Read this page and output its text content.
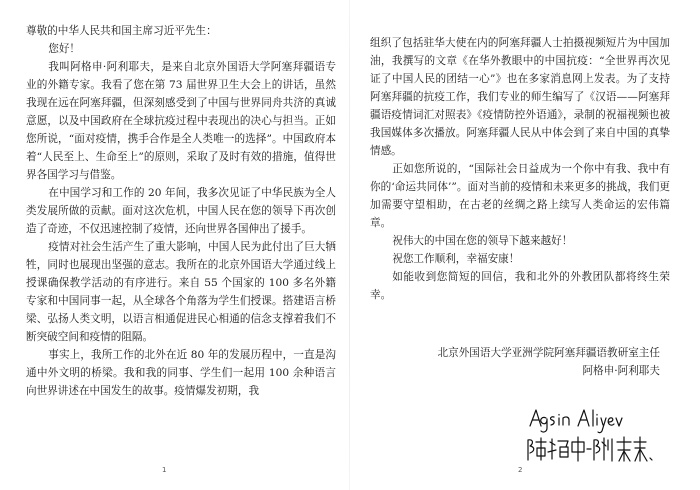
尊敬的中华人民共和国主席习近平先生：

您好！

我叫阿格申·阿利耶夫，是来自北京外国语大学阿塞拜疆语专业的外籍专家。我看了您在第 73 届世界卫生大会上的讲话，虽然我现在远在阿塞拜疆，但深刻感受到了中国与世界同舟共济的真诚意愿，以及中国政府在全球抗疫过程中表现出的决心与担当。正如您所说，“面对疫情，携手合作是全人类唯一的选择”。中国政府本着“人民至上、生命至上”的原则，采取了及时有效的措施，值得世界各国学习与借鉴。

在中国学习和工作的 20 年间，我多次见证了中华民族为全人类发展所做的贡献。面对这次危机，中国人民在您的领导下再次创造了奇迹，不仅迅速控制了疫情，还向世界各国伸出了援手。

疫情对社会生活产生了重大影响，中国人民为此付出了巨大牺牲，同时也展现出坚强的意志。我所在的北京外国语大学通过线上授课确保教学活动的有序进行。来自 55 个国家的 100 多名外籍专家和中国同事一起，从全球各个角落为学生们授课。搭建语言桥梁、弘扬人类文明，以语言相通促进民心相通的信念支撑着我们不断突破空间和疫情的阻隔。

事实上，我所工作的北外在近 80 年的发展历程中，一直是沟通中外文明的桥梁。我和我的同事、学生们一起用 100 余种语言向世界讲述在中国发生的故事。疫情爆发初期，我

1

组织了包括驻华大使在内的阿塞拜疆人士拍摄视频短片为中国加油，我撰写的文章《在华外教眼中的中国抗疫：“全世界再次见证了中国人民的团结一心”》也在多家消息网上发表。为了支持阿塞拜疆的抗疫工作，我们专业的师生编写了《汉语——阿塞拜疆语疫情词汇对照表》《疫情防控外语通》，录制的祝福视频也被我国媒体多次播放。阿塞拜疆人民从中体会到了来自中国的真挚情感。

正如您所说的，“国际社会日益成为一个你中有我、我中有你的‘命运共同体’”。面对当前的疫情和未来更多的挑战，我们更加需要守望相助，在古老的丝绸之路上续写人类命运的宏伟篇章。

祝伟大的中国在您的领导下越来越好！

祝您工作顺利，幸福安康！

如能收到您简短的回信，我和北外的外教团队都将终生荣幸。

北京外国语大学亚洲学院阿塞拜疆语教研室主任

阿格申·阿利耶夫

2
